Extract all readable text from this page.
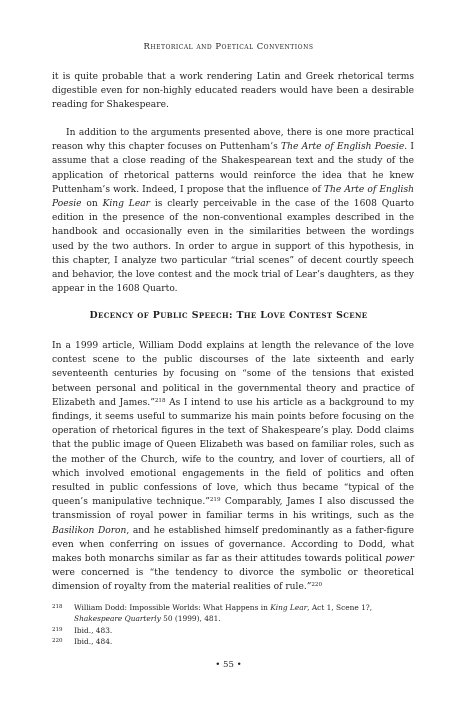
Rhetorical and Poetical Conventions

it is quite probable that a work rendering Latin and Greek rhetorical terms digestible even for non-highly educated readers would have been a desirable reading for Shakespeare.

In addition to the arguments presented above, there is one more practical reason why this chapter focuses on Puttenham’s The Arte of English Poesie. I assume that a close reading of the Shakespearean text and the study of the application of rhetorical patterns would reinforce the idea that he knew Puttenham’s work. Indeed, I propose that the influence of The Arte of English Poesie on King Lear is clearly perceivable in the case of the 1608 Quarto edition in the presence of the non-conventional examples described in the handbook and occasionally even in the similarities between the wordings used by the two authors. In order to argue in support of this hypothesis, in this chapter, I analyze two particular “trial scenes” of decent courtly speech and behavior, the love contest and the mock trial of Lear’s daughters, as they appear in the 1608 Quarto.

Decency of Public Speech: The Love Contest Scene

In a 1999 article, William Dodd explains at length the relevance of the love contest scene to the public discourses of the late sixteenth and early seventeenth centuries by focusing on “some of the tensions that existed between personal and political in the governmental theory and practice of Elizabeth and James.”$^{218}$ As I intend to use his article as a background to my findings, it seems useful to summarize his main points before focusing on the operation of rhetorical figures in the text of Shakespeare’s play. Dodd claims that the public image of Queen Elizabeth was based on familiar roles, such as the mother of the Church, wife to the country, and lover of courtiers, all of which involved emotional engagements in the field of politics and often resulted in public confessions of love, which thus became “typical of the queen’s manipulative technique.”$^{219}$ Comparably, James I also discussed the transmission of royal power in familiar terms in his writings, such as the Basilikon Doron, and he established himself predominantly as a father-figure even when conferring on issues of governance. According to Dodd, what makes both monarchs similar as far as their attitudes towards political power were concerned is “the tendency to divorce the symbolic or theoretical dimension of royalty from the material realities of rule.”$^{220}$

218 William Dodd: Impossible Worlds: What Happens in King Lear, Act 1, Scene 1?, Shakespeare Quarterly 50 (1999), 481.

219 Ibid., 483.

220 Ibid., 484.

• 55 •
